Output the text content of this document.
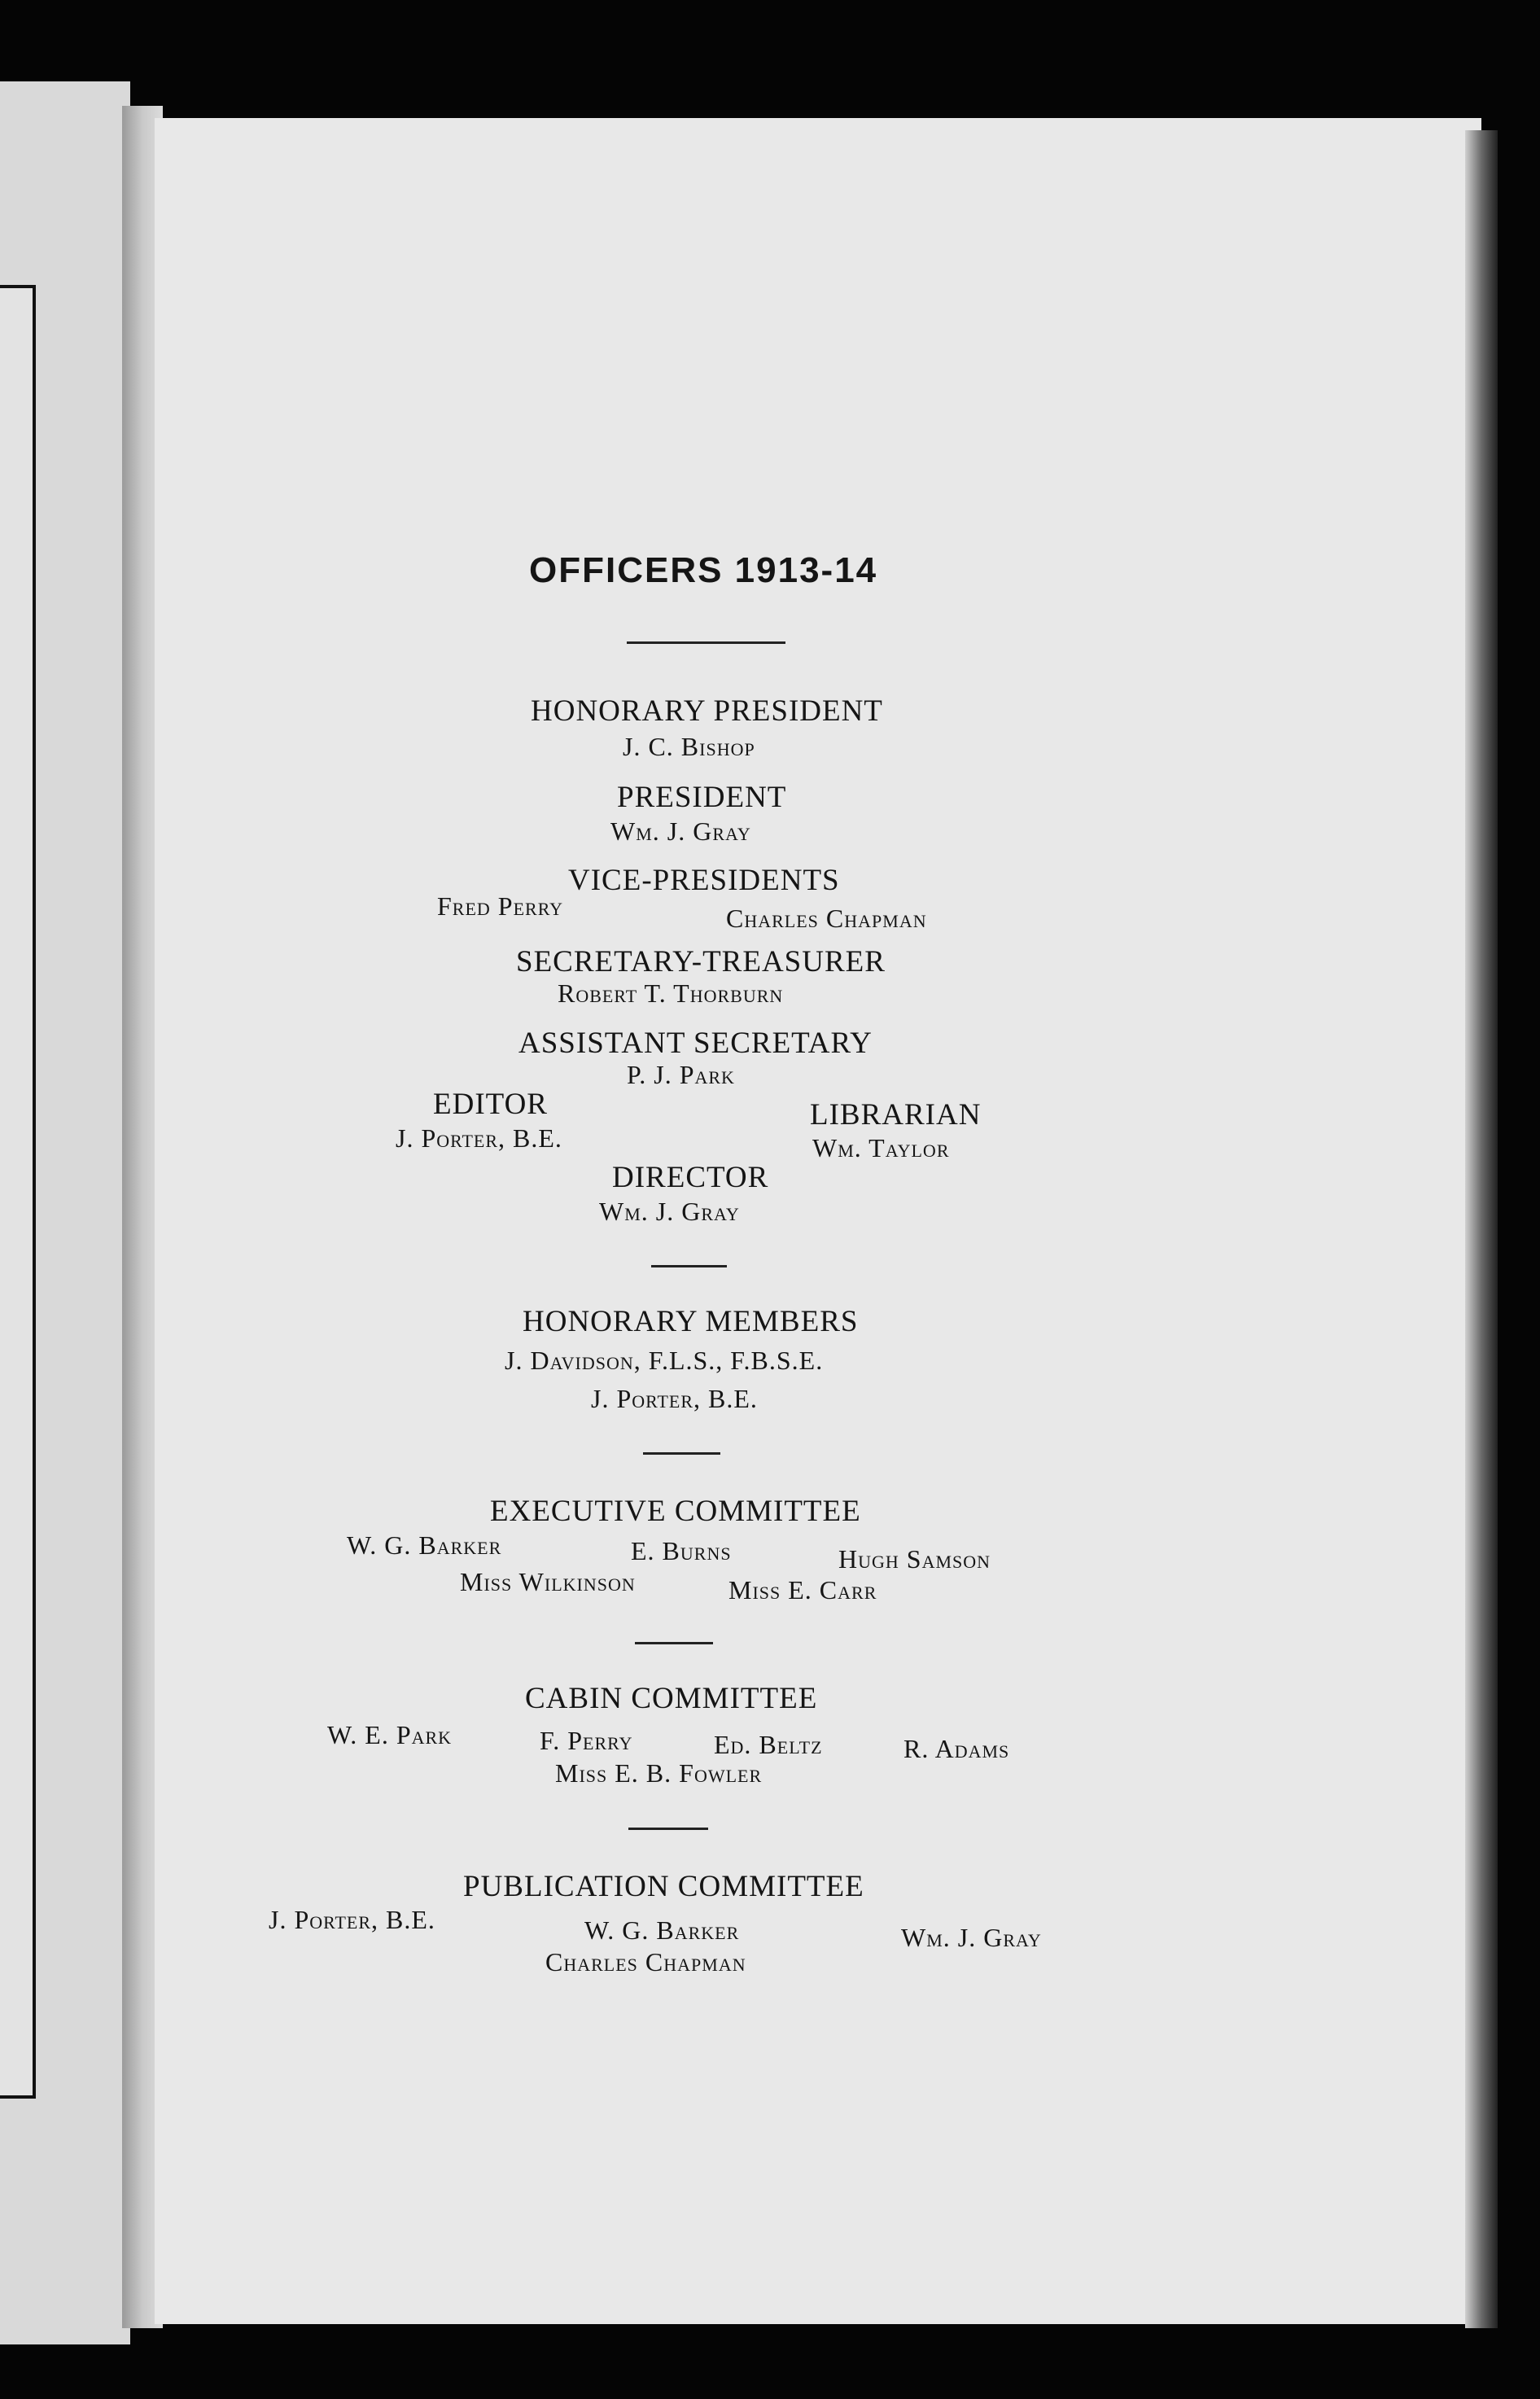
OFFICERS 1913-14
HONORARY PRESIDENT
J. C. Bishop
PRESIDENT
Wm. J. Gray
VICE-PRESIDENTS
Fred Perry	Charles Chapman
SECRETARY-TREASURER
Robert T. Thorburn
ASSISTANT SECRETARY
P. J. Park
EDITOR
J. Porter, B.E.
LIBRARIAN
Wm. Taylor
DIRECTOR
Wm. J. Gray
HONORARY MEMBERS
J. Davidson, F.L.S., F.B.S.E.
J. Porter, B.E.
EXECUTIVE COMMITTEE
W. G. Barker	E. Burns	Hugh Samson
Miss Wilkinson	Miss E. Carr
CABIN COMMITTEE
W. E. Park	F. Perry	Ed. Beltz	R. Adams
Miss E. B. Fowler
PUBLICATION COMMITTEE
J. Porter, B.E.	W. G. Barker	Wm. J. Gray
Charles Chapman
